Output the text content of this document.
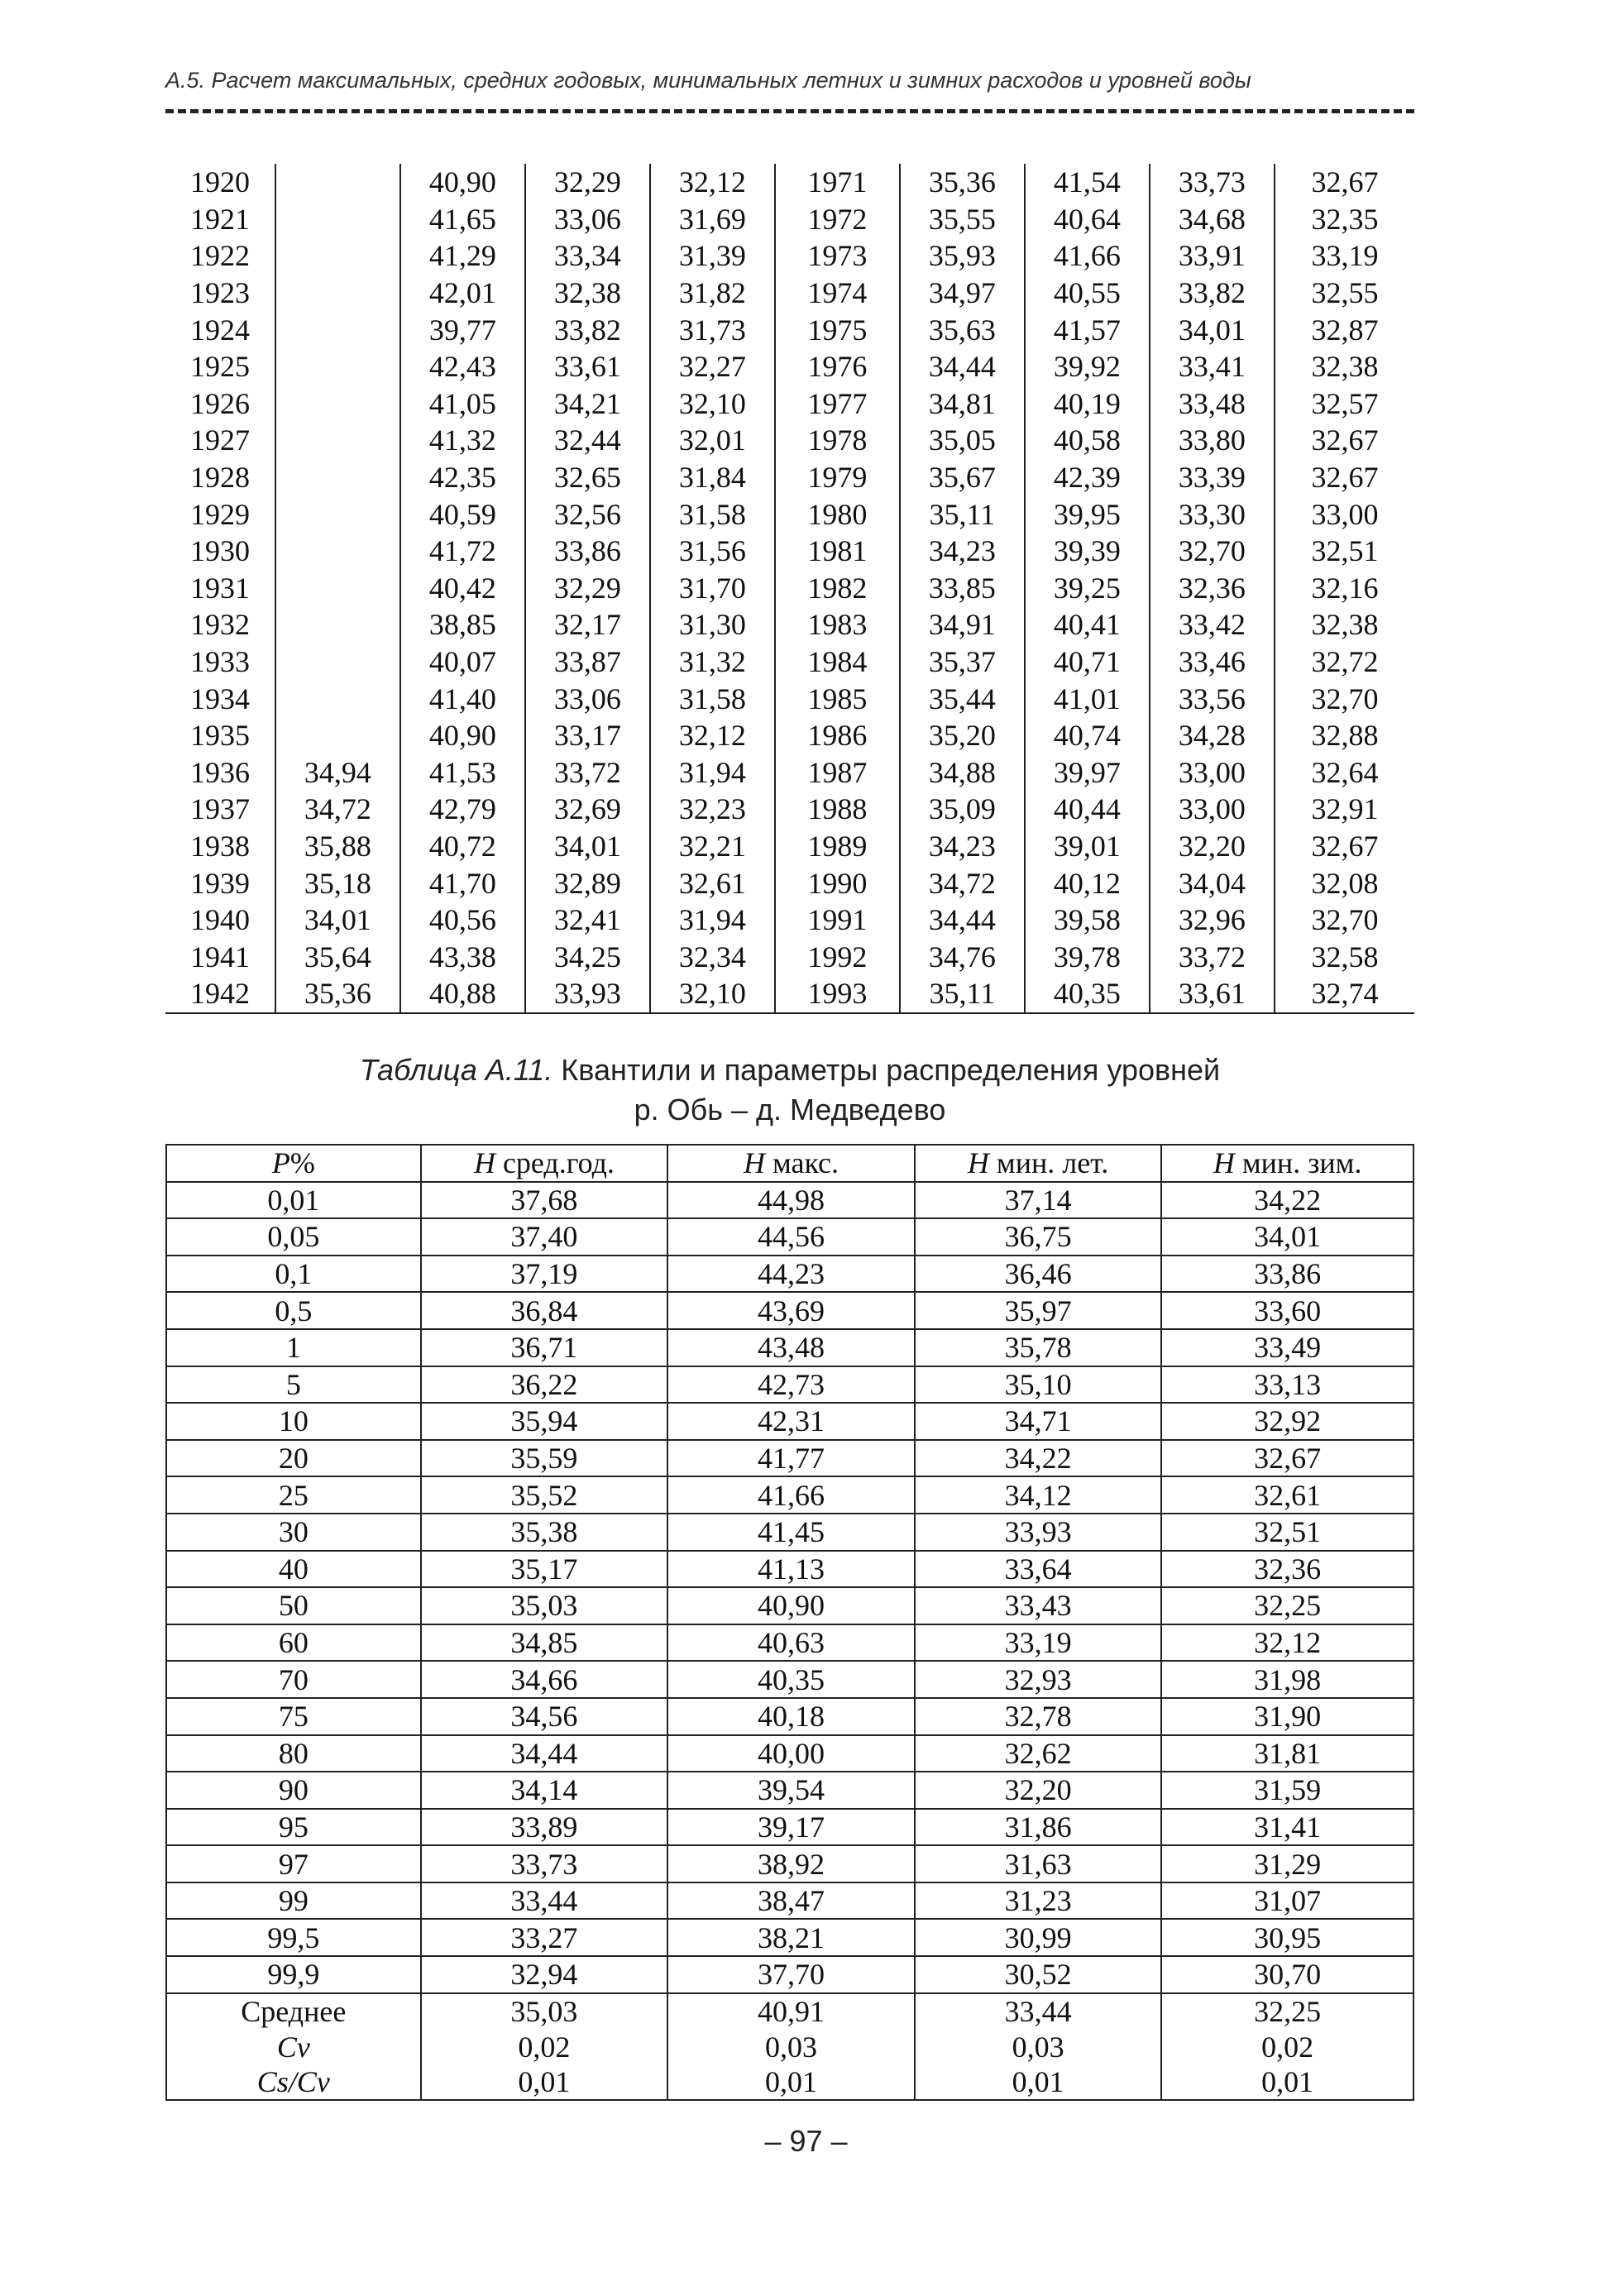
А.5. Расчет максимальных, средних годовых, минимальных летних и зимних расходов и уровней воды
1920		40,90	32,29	32,12	1971	35,36	41,54	33,73	32,67
1921		41,65	33,06	31,69	1972	35,55	40,64	34,68	32,35
1922		41,29	33,34	31,39	1973	35,93	41,66	33,91	33,19
1923		42,01	32,38	31,82	1974	34,97	40,55	33,82	32,55
1924		39,77	33,82	31,73	1975	35,63	41,57	34,01	32,87
1925		42,43	33,61	32,27	1976	34,44	39,92	33,41	32,38
1926		41,05	34,21	32,10	1977	34,81	40,19	33,48	32,57
1927		41,32	32,44	32,01	1978	35,05	40,58	33,80	32,67
1928		42,35	32,65	31,84	1979	35,67	42,39	33,39	32,67
1929		40,59	32,56	31,58	1980	35,11	39,95	33,30	33,00
1930		41,72	33,86	31,56	1981	34,23	39,39	32,70	32,51
1931		40,42	32,29	31,70	1982	33,85	39,25	32,36	32,16
1932		38,85	32,17	31,30	1983	34,91	40,41	33,42	32,38
1933		40,07	33,87	31,32	1984	35,37	40,71	33,46	32,72
1934		41,40	33,06	31,58	1985	35,44	41,01	33,56	32,70
1935		40,90	33,17	32,12	1986	35,20	40,74	34,28	32,88
1936	34,94	41,53	33,72	31,94	1987	34,88	39,97	33,00	32,64
1937	34,72	42,79	32,69	32,23	1988	35,09	40,44	33,00	32,91
1938	35,88	40,72	34,01	32,21	1989	34,23	39,01	32,20	32,67
1939	35,18	41,70	32,89	32,61	1990	34,72	40,12	34,04	32,08
1940	34,01	40,56	32,41	31,94	1991	34,44	39,58	32,96	32,70
1941	35,64	43,38	34,25	32,34	1992	34,76	39,78	33,72	32,58
1942	35,36	40,88	33,93	32,10	1993	35,11	40,35	33,61	32,74
Таблица А.11. Квантили и параметры распределения уровней
р. Обь – д. Медведево
P%	H сред.год.	H макс.	H мин. лет.	H мин. зим.
0,01	37,68	44,98	37,14	34,22
0,05	37,40	44,56	36,75	34,01
0,1	37,19	44,23	36,46	33,86
0,5	36,84	43,69	35,97	33,60
1	36,71	43,48	35,78	33,49
5	36,22	42,73	35,10	33,13
10	35,94	42,31	34,71	32,92
20	35,59	41,77	34,22	32,67
25	35,52	41,66	34,12	32,61
30	35,38	41,45	33,93	32,51
40	35,17	41,13	33,64	32,36
50	35,03	40,90	33,43	32,25
60	34,85	40,63	33,19	32,12
70	34,66	40,35	32,93	31,98
75	34,56	40,18	32,78	31,90
80	34,44	40,00	32,62	31,81
90	34,14	39,54	32,20	31,59
95	33,89	39,17	31,86	31,41
97	33,73	38,92	31,63	31,29
99	33,44	38,47	31,23	31,07
99,5	33,27	38,21	30,99	30,95
99,9	32,94	37,70	30,52	30,70
Среднее	35,03	40,91	33,44	32,25
Cv	0,02	0,03	0,03	0,02
Cs/Cv	0,01	0,01	0,01	0,01
– 97 –
